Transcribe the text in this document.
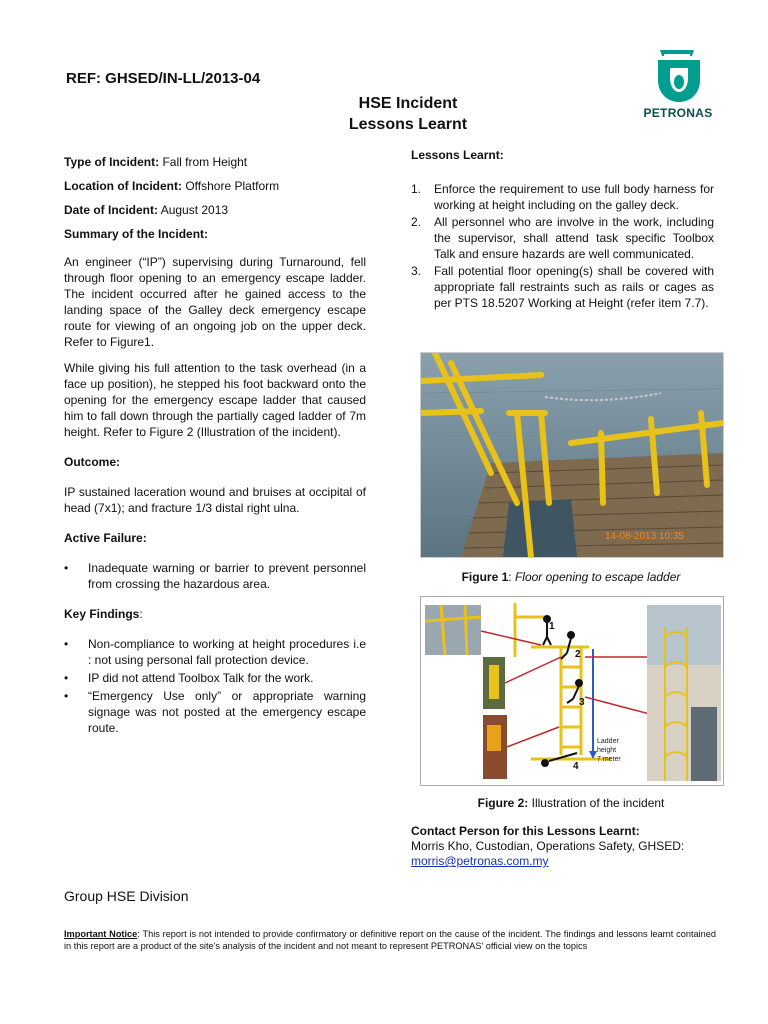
REF: GHSED/IN-LL/2013-04
PETRONAS
HSE Incident
Lessons Learnt

Type of Incident: Fall from Height

Location of Incident: Offshore Platform

Date of Incident: August 2013

Summary of the Incident:

An engineer (“IP”) supervising during Turnaround, fell through floor opening to an emergency escape ladder. The incident occurred after he gained access to the landing space of the Galley deck emergency escape route for viewing of an ongoing job on the upper deck. Refer to Figure1.

While giving his full attention to the task overhead (in a face up position), he stepped his foot backward onto the opening for the emergency escape ladder that caused him to fall down through the partially caged ladder of 7m height. Refer to Figure 2 (Illustration of the incident).

Outcome:

IP sustained laceration wound and bruises at occipital of head (7x1); and fracture 1/3 distal right ulna.

Active Failure:

• Inadequate warning or barrier to prevent personnel from crossing the hazardous area.

Key Findings:

• Non-compliance to working at height procedures i.e : not using personal fall protection device.

• IP did not attend Toolbox Talk for the work.

• “Emergency Use only” or appropriate warning signage was not posted at the emergency escape route.

Lessons Learnt:
1. Enforce the requirement to use full body harness for working at height including on the galley deck.
2. All personnel who are involve in the work, including the supervisor, shall attend task specific Toolbox Talk and ensure hazards are well communicated.
3. Fall potential floor opening(s) shall be covered with appropriate fall restraints such as rails or cages as per PTS 18.5207 Working at Height (refer item 7.7).
14-08-2013 10:35
Figure 1: Floor opening to escape ladder
Ladder
height
7 meter
1
2
3
4
Figure 2: Illustration of the incident
Contact Person for this Lessons Learnt:
Morris Kho, Custodian, Operations Safety, GHSED:
morris@petronas.com.my
Group HSE Division
Important Notice: This report is not intended to provide confirmatory or definitive report on the cause of the incident. The findings and lessons learnt contained in this report are a product of the site's analysis of the incident and not meant to represent PETRONAS' official view on the topics
